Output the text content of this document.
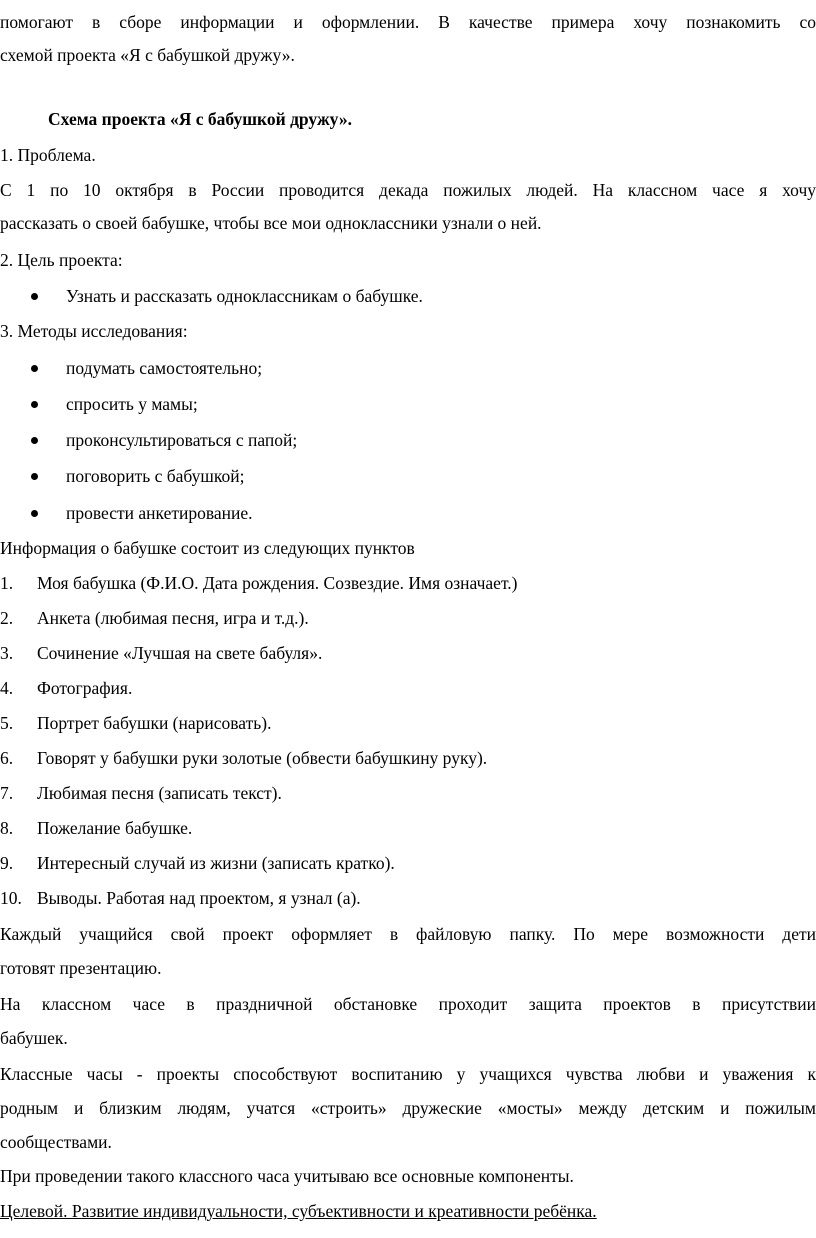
помогают в сборе информации и оформлении. В качестве примера хочу познакомить со
схемой проекта «Я с бабушкой дружу».
Схема проекта «Я с бабушкой дружу».
1. Проблема.
С 1 по 10 октября в России проводится декада пожилых людей. На классном часе я хочу
рассказать о своей бабушке, чтобы все мои одноклассники узнали о ней.
2. Цель проекта:
Узнать и рассказать одноклассникам о бабушке.
3. Методы исследования:
подумать самостоятельно;
спросить у мамы;
проконсультироваться с папой;
поговорить с бабушкой;
провести анкетирование.
Информация о бабушке состоит из следующих пунктов
1. Моя бабушка (Ф.И.О. Дата рождения. Созвездие. Имя означает.)
2. Анкета (любимая песня, игра и т.д.).
3. Сочинение «Лучшая на свете бабуля».
4. Фотография.
5. Портрет бабушки (нарисовать).
6. Говорят у бабушки руки золотые (обвести бабушкину руку).
7. Любимая песня (записать текст).
8. Пожелание бабушке.
9. Интересный случай из жизни (записать кратко).
10. Выводы. Работая над проектом, я узнал (а).
Каждый учащийся свой проект оформляет в файловую папку. По мере возможности дети
готовят презентацию.
На классном часе в праздничной обстановке проходит защита проектов в присутствии
бабушек.
Классные часы - проекты способствуют воспитанию у учащихся чувства любви и уважения к
родным и близким людям, учатся «строить» дружеские «мосты» между детским и пожилым
сообществами.
При проведении такого классного часа учитываю все основные компоненты.
Целевой. Развитие индивидуальности, субъективности и креативности ребёнка.
